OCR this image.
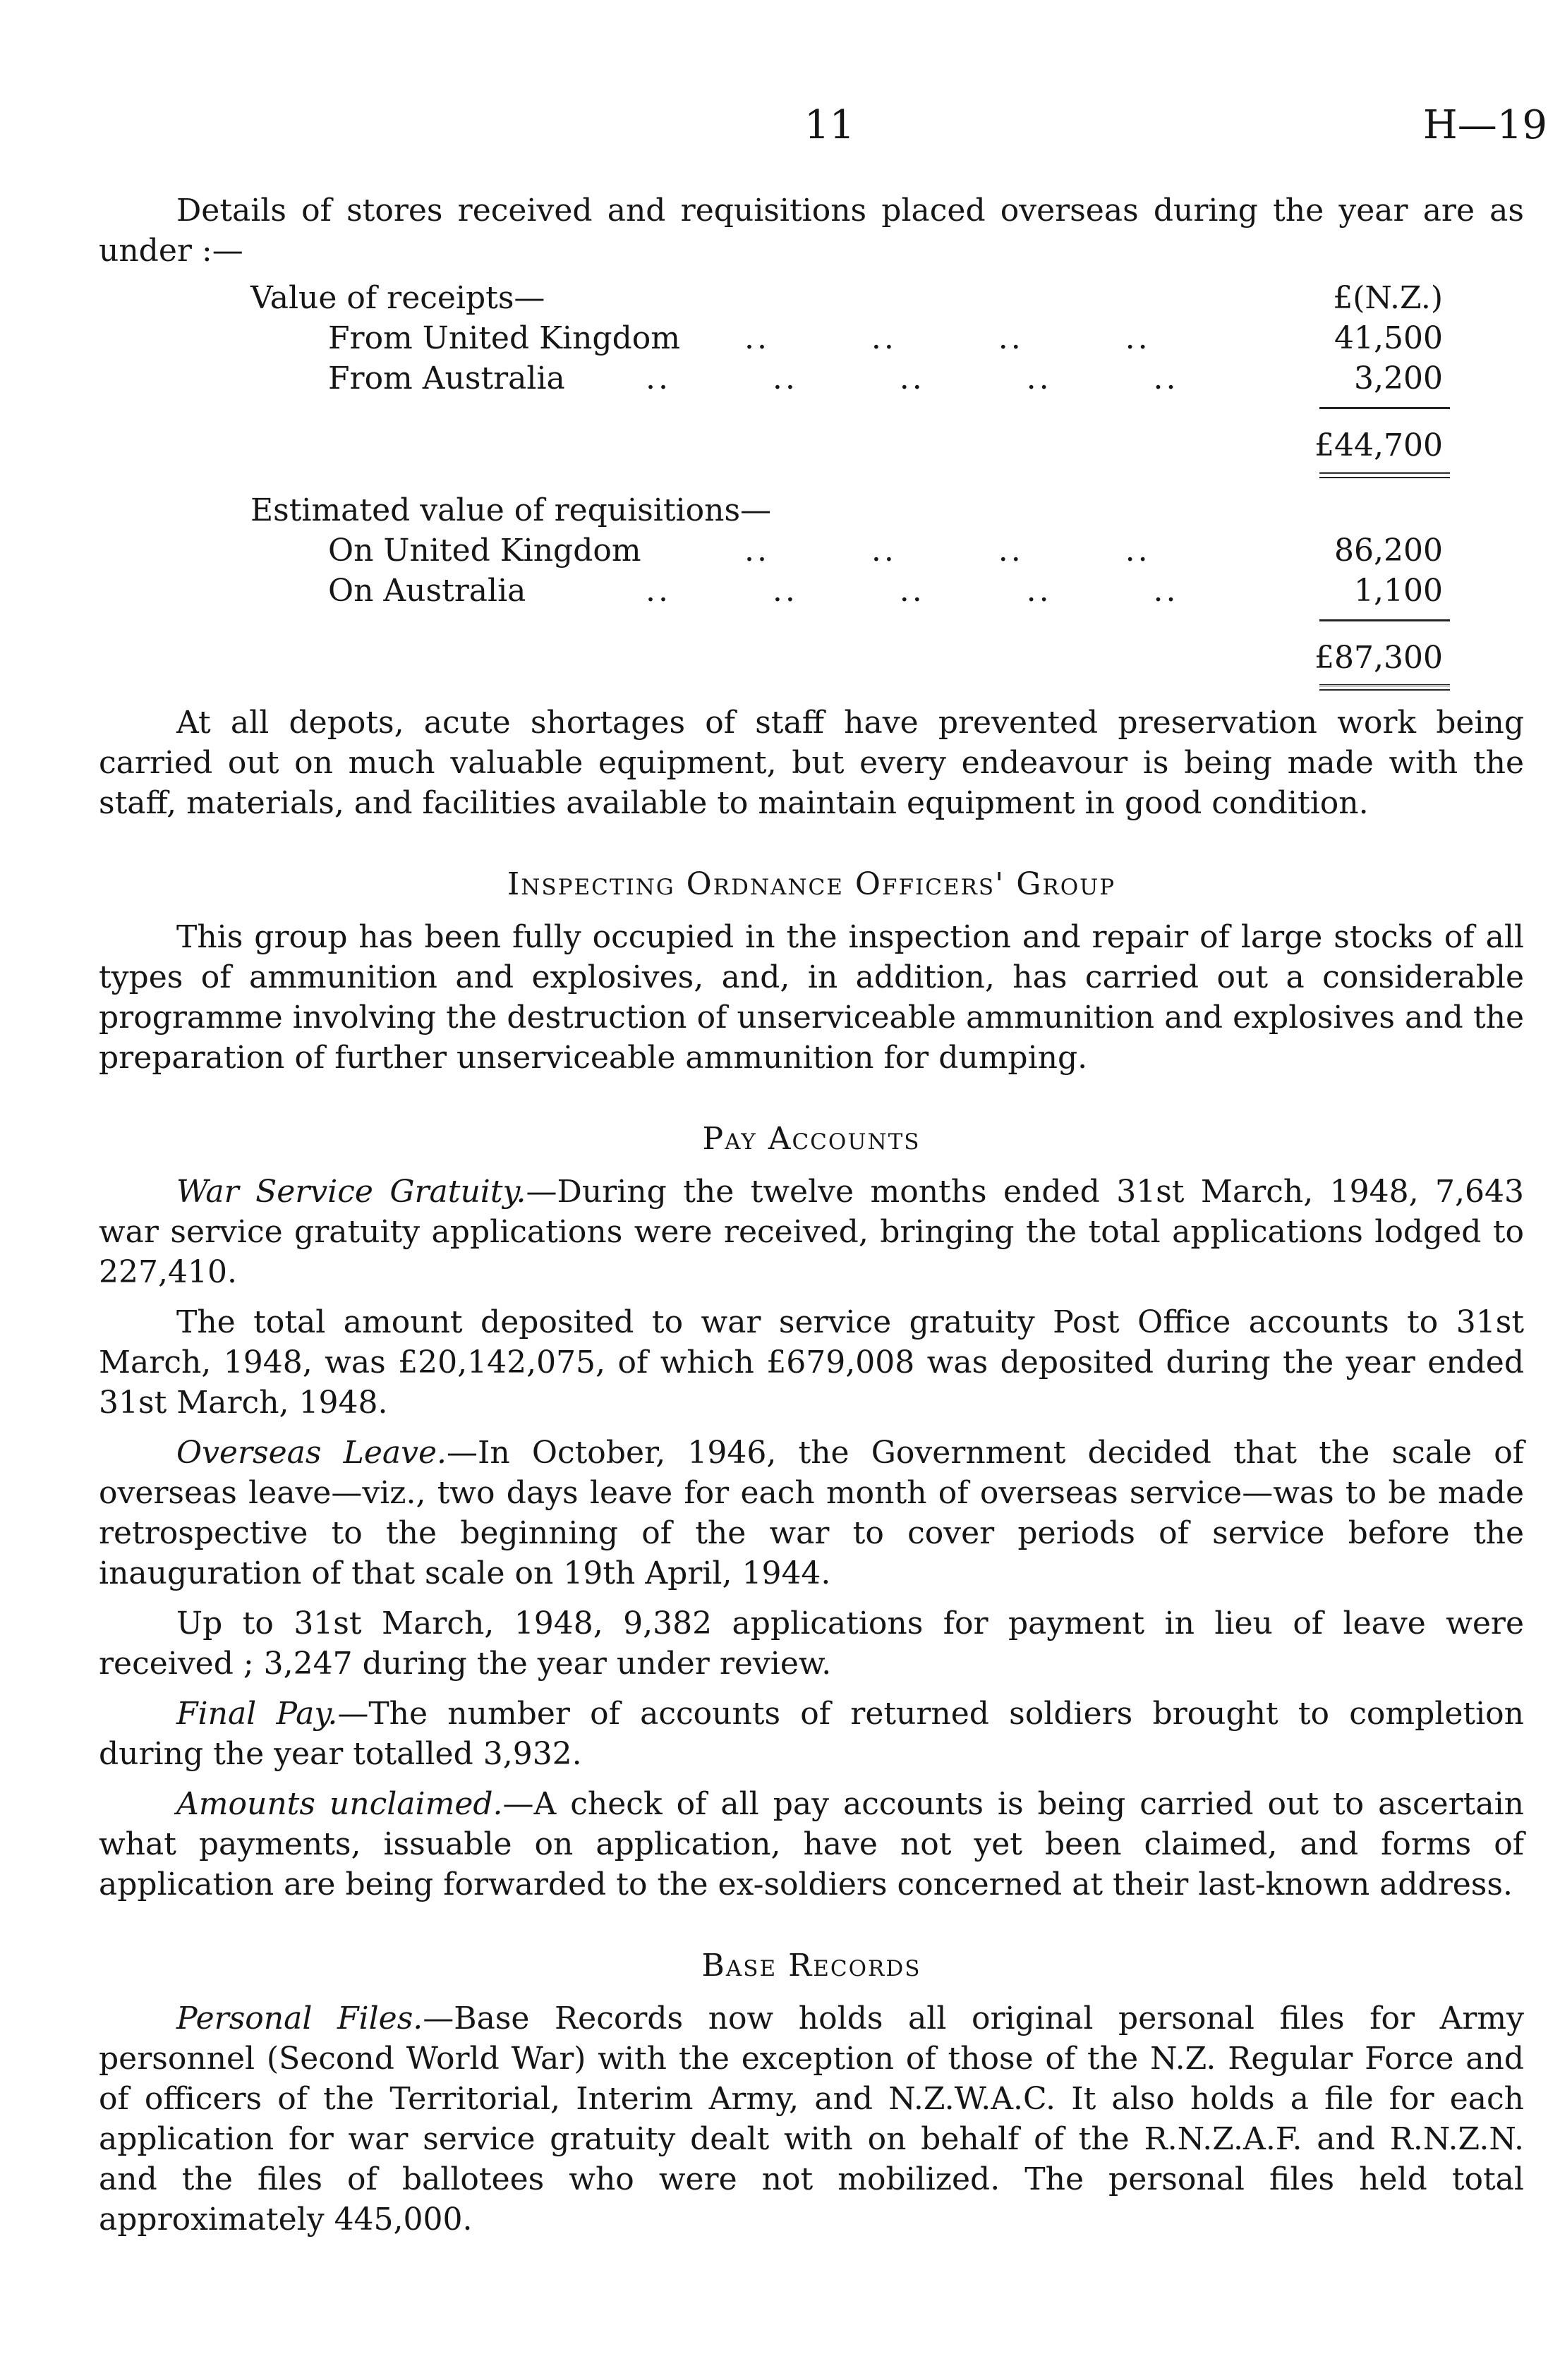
11	H—19

Details of stores received and requisitions placed overseas during the year are as under :—

Value of receipts—	£(N.Z.)
From United Kingdom ..        ..        ..        ..	41,500
From Australia	..        ..        ..        ..        ..	3,200
£44,700
Estimated value of requisitions—
On United Kingdom	..        ..        ..        ..	86,200
On Australia	..        ..        ..        ..        ..	1,100
£87,300

At all depots, acute shortages of staff have prevented preservation work being carried out on much valuable equipment, but every endeavour is being made with the staff, materials, and facilities available to maintain equipment in good condition.

Inspecting Ordnance Officers' Group

This group has been fully occupied in the inspection and repair of large stocks of all types of ammunition and explosives, and, in addition, has carried out a considerable programme involving the destruction of unserviceable ammunition and explosives and the preparation of further unserviceable ammunition for dumping.

Pay Accounts

War Service Gratuity.—During the twelve months ended 31st March, 1948, 7,643 war service gratuity applications were received, bringing the total applications lodged to 227,410.

The total amount deposited to war service gratuity Post Office accounts to 31st March, 1948, was £20,142,075, of which £679,008 was deposited during the year ended 31st March, 1948.

Overseas Leave.—In October, 1946, the Government decided that the scale of overseas leave—viz., two days leave for each month of overseas service—was to be made retrospective to the beginning of the war to cover periods of service before the inauguration of that scale on 19th April, 1944.

Up to 31st March, 1948, 9,382 applications for payment in lieu of leave were received ; 3,247 during the year under review.

Final Pay.—The number of accounts of returned soldiers brought to completion during the year totalled 3,932.

Amounts unclaimed.—A check of all pay accounts is being carried out to ascertain what payments, issuable on application, have not yet been claimed, and forms of application are being forwarded to the ex-soldiers concerned at their last-known address.

Base Records

Personal Files.—Base Records now holds all original personal files for Army personnel (Second World War) with the exception of those of the N.Z. Regular Force and of officers of the Territorial, Interim Army, and N.Z.W.A.C. It also holds a file for each application for war service gratuity dealt with on behalf of the R.N.Z.A.F. and R.N.Z.N. and the files of ballotees who were not mobilized. The personal files held total approximately 445,000.
